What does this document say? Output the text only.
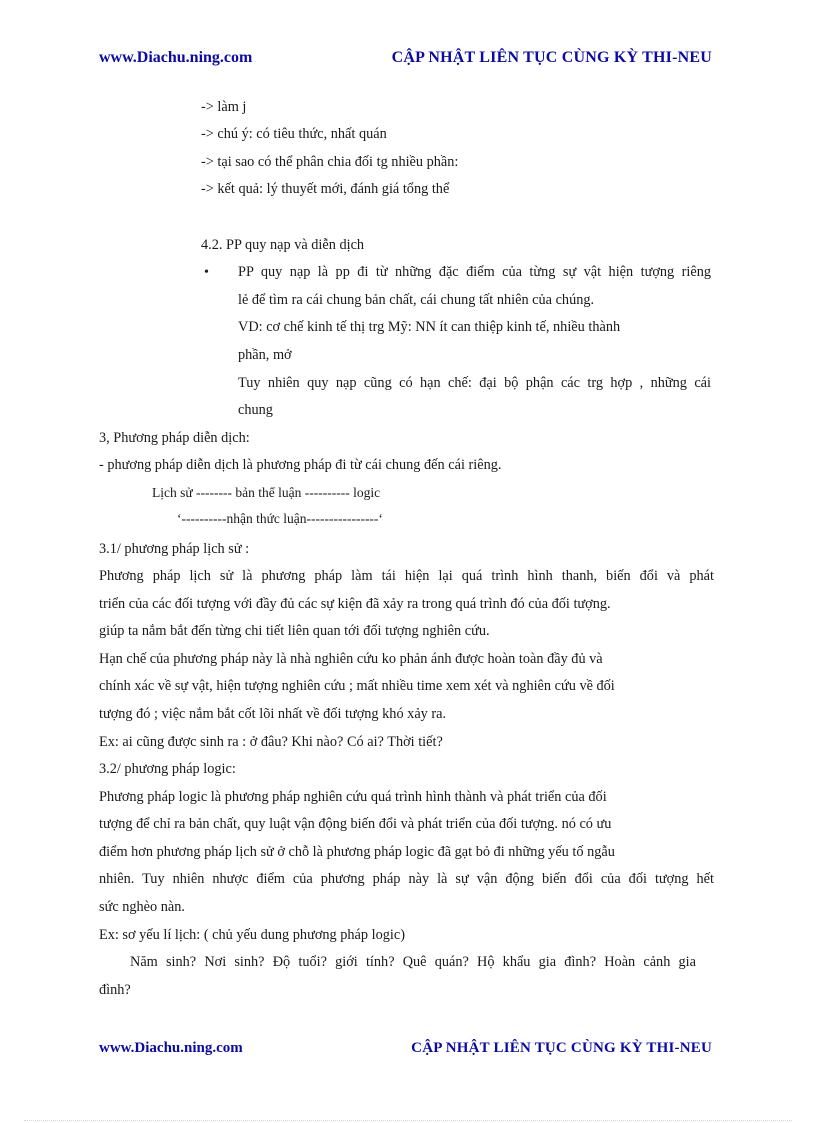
www.Diachu.ning.com	CẬP NHẬT LIÊN TỤC CÙNG KỲ THI-NEU
-> làm j
-> chú ý: có tiêu thức, nhất quán
-> tại sao có thể phân chia đối tg nhiều phần:
-> kết quả: lý thuyết mới, đánh giá tổng thể
4.2. PP quy nạp và diễn dịch
• PP quy nạp là pp đi từ những đặc điểm của từng sự vật hiện tượng riêng
lẻ để tìm ra cái chung bản chất, cái chung tất nhiên của chúng.
VD: cơ chế kinh tế thị trg Mỹ: NN ít can thiệp kinh tế, nhiều thành
phần, mở
Tuy nhiên quy nạp cũng có hạn chế: đại bộ phận các trg hợp , những cái
chung
3, Phương pháp diễn dịch:
- phương pháp diễn dịch là phương pháp đi từ cái chung đến cái riêng.
Lịch sử -------- bản thể luận ---------- logic
‘----------nhận thức luận----------------‘
3.1/ phương pháp lịch sử :
Phương pháp lịch sử là phương pháp làm tái hiện lại quá trình hình thanh, biến đổi và phát
triển của các đối tượng với đầy đủ các sự kiện đã xảy ra trong quá trình đó của đối tượng.
giúp ta nắm bắt đến từng chi tiết liên quan tới đối tượng nghiên cứu.
Hạn chế của phương pháp này là nhà nghiên cứu ko phản ánh được hoàn toàn đầy đủ và
chính xác về sự vật, hiện tượng nghiên cứu ; mất nhiều time xem xét và nghiên cứu về đối
tượng đó ; việc nắm bắt cốt lõi nhất về đối tượng khó xảy ra.
Ex: ai cũng được sinh ra : ở đâu? Khi nào? Có ai? Thời tiết?
3.2/ phương pháp logic:
Phương pháp logic là phương pháp nghiên cứu quá trình hình thành và phát triển của đối
tượng để chỉ ra bản chất, quy luật vận động biến đổi và phát triển của đối tượng. nó có ưu
điểm hơn phương pháp lịch sử ở chỗ là phương pháp logic đã gạt bỏ đi những yếu tố ngẫu
nhiên. Tuy nhiên nhược điểm của phương pháp này là sự vận động biến đổi của đối tượng hết
sức nghèo nàn.
Ex: sơ yếu lí lịch: ( chủ yếu dung phương pháp logic)
Năm sinh? Nơi sinh? Độ tuổi? giới tính? Quê quán? Hộ khẩu gia đình? Hoàn cảnh gia
đình?
www.Diachu.ning.com	CẬP NHẬT LIÊN TỤC CÙNG KỲ THI-NEU
